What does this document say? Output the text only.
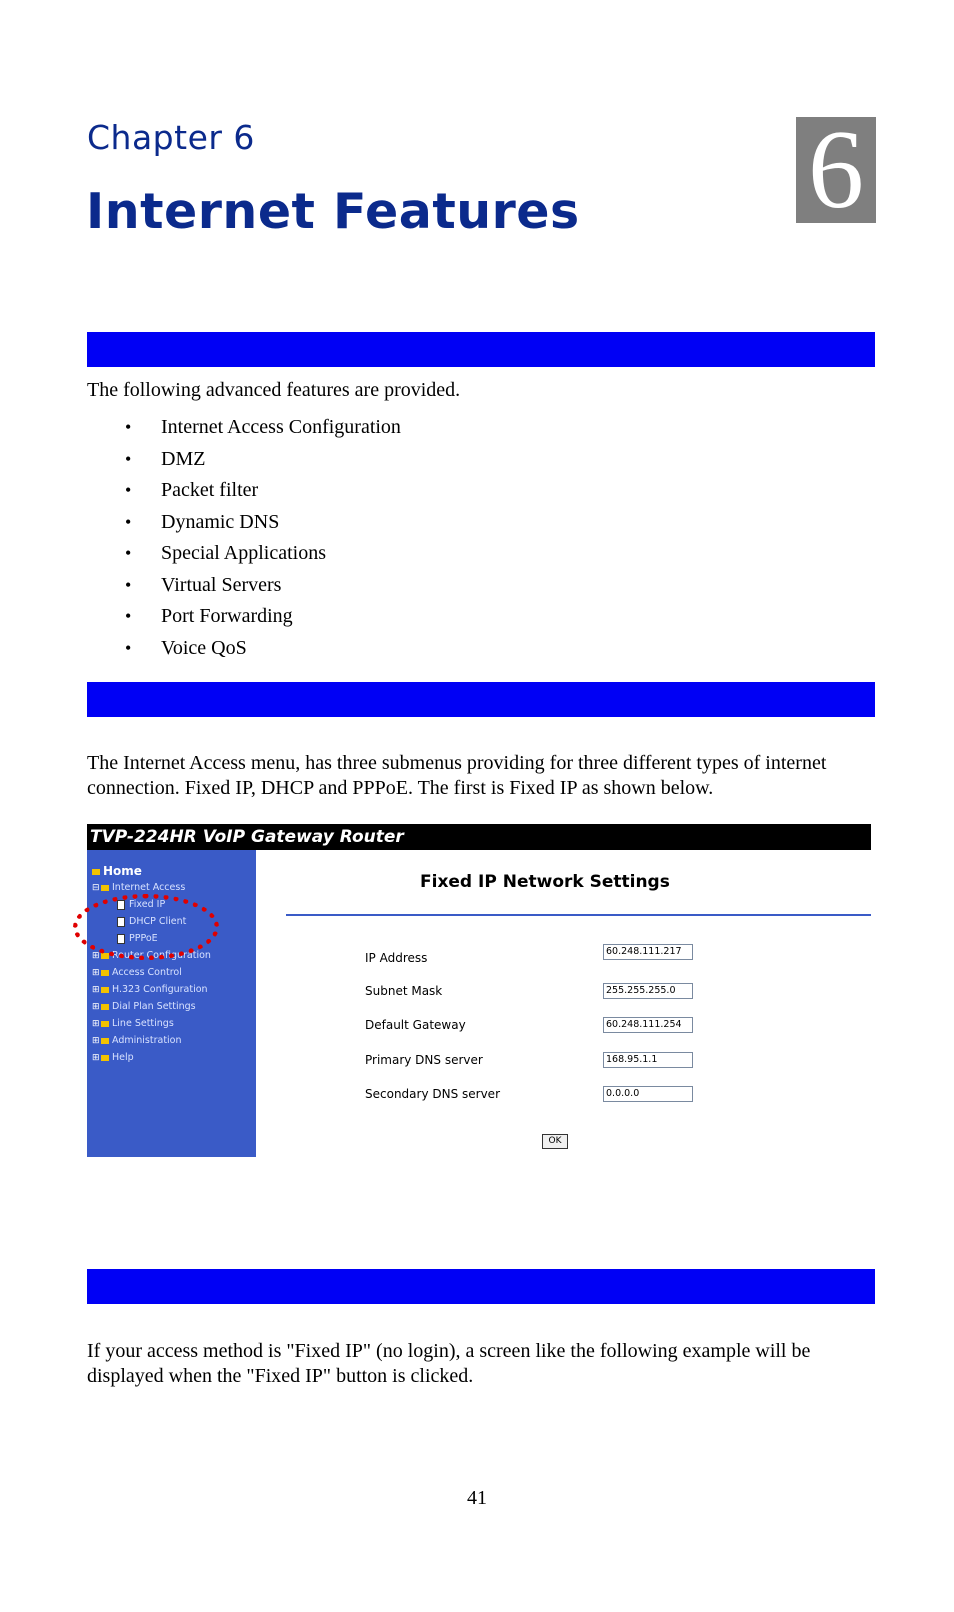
Chapter 6
Internet Features 6
The following advanced features are provided.
• Internet Access Configuration
• DMZ
• Packet filter
• Dynamic DNS
• Special Applications
• Virtual Servers
• Port Forwarding
• Voice QoS
The Internet Access menu, has three submenus providing for three different types of internet connection. Fixed IP, DHCP and PPPoE. The first is Fixed IP as shown below.
TVP-224HR VoIP Gateway Router
Home
⊟ Internet Access
Fixed IP
DHCP Client
PPPoE
⊞ Router Configuration
⊞ Access Control
⊞ H.323 Configuration
⊞ Dial Plan Settings
⊞ Line Settings
⊞ Administration
⊞ Help
Fixed IP Network Settings
IP Address	60.248.111.217
Subnet Mask	255.255.255.0
Default Gateway	60.248.111.254
Primary DNS server	168.95.1.1
Secondary DNS server	0.0.0.0
OK
If your access method is "Fixed IP" (no login), a screen like the following example will be displayed when the "Fixed IP" button is clicked.
41
